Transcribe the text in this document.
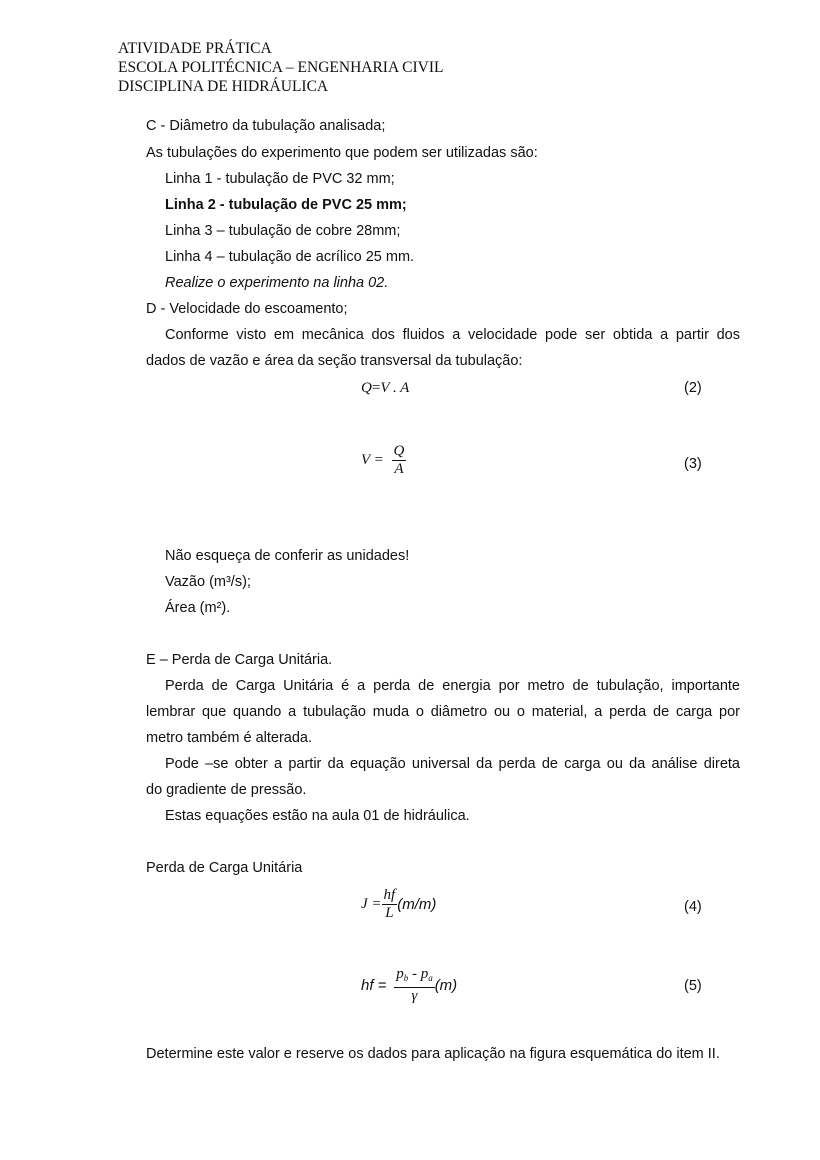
ATIVIDADE PRÁTICA
ESCOLA POLITÉCNICA – ENGENHARIA CIVIL
DISCIPLINA DE HIDRÁULICA
C - Diâmetro da tubulação analisada;
As tubulações do experimento que podem ser utilizadas são:
Linha 1 - tubulação de PVC 32 mm;
Linha 2 - tubulação de PVC 25 mm;
Linha 3 – tubulação de cobre 28mm;
Linha 4 – tubulação de acrílico 25 mm.
Realize o experimento na linha 02.
D - Velocidade do escoamento;
Conforme visto em mecânica dos fluidos a velocidade pode ser obtida a partir dos
dados de vazão e área da seção transversal da tubulação:
Q=V . A	(2)
$V = \frac{Q}{A}$	(3)
Não esqueça de conferir as unidades!
Vazão (m³/s);
Área (m²).
E – Perda de Carga Unitária.
Perda de Carga Unitária é a perda de energia por metro de tubulação, importante
lembrar que quando a tubulação muda o diâmetro ou o material, a perda de carga por
metro também é alterada.
Pode –se obter a partir da equação universal da perda de carga ou da análise direta
do gradiente de pressão.
Estas equações estão na aula 01 de hidráulica.
Perda de Carga Unitária
$J = \frac{hf}{L} (m/m)$	(4)
hf = $\frac{p_b - p_a}{\gamma} (m)$	(5)
Determine este valor e reserve os dados para aplicação na figura esquemática do item II.
